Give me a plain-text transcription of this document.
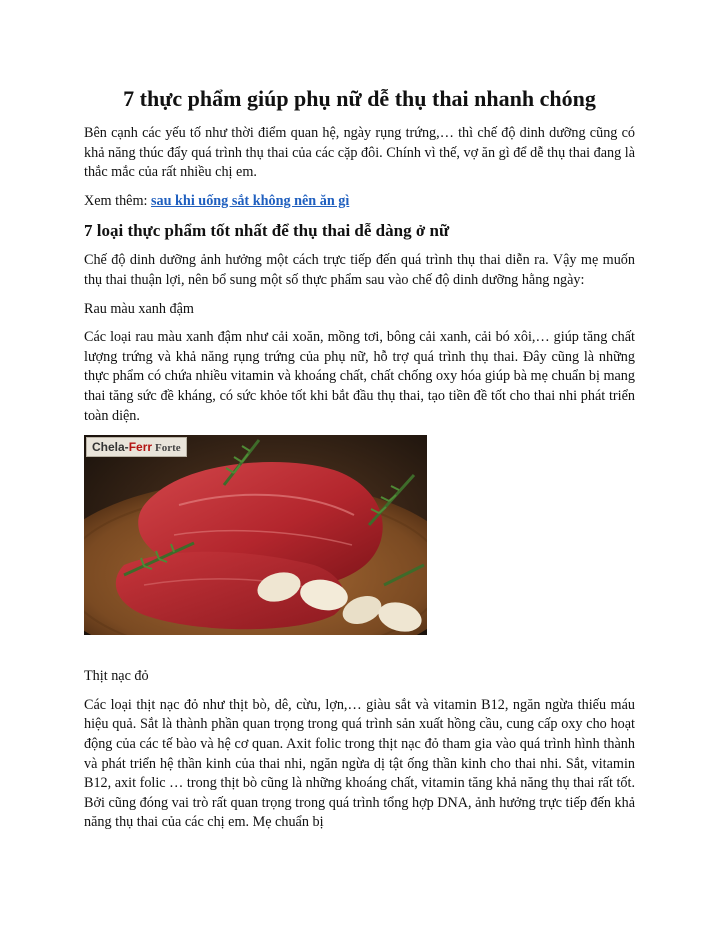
7 thực phẩm giúp phụ nữ dễ thụ thai nhanh chóng

Bên cạnh các yếu tố như thời điểm quan hệ, ngày rụng trứng,… thì chế độ dinh dưỡng cũng có khả năng thúc đẩy quá trình thụ thai của các cặp đôi. Chính vì thế, vợ ăn gì để dễ thụ thai đang là thắc mắc của rất nhiều chị em.

Xem thêm: sau khi uống sắt không nên ăn gì

7 loại thực phẩm tốt nhất để thụ thai dễ dàng ở nữ

Chế độ dinh dưỡng ảnh hưởng một cách trực tiếp đến quá trình thụ thai diễn ra. Vậy mẹ muốn thụ thai thuận lợi, nên bổ sung một số thực phẩm sau vào chế độ dinh dưỡng hằng ngày:

Rau màu xanh đậm

Các loại rau màu xanh đậm như cải xoăn, mồng tơi, bông cải xanh, cải bó xôi,… giúp tăng chất lượng trứng và khả năng rụng trứng của phụ nữ, hỗ trợ quá trình thụ thai. Đây cũng là những thực phẩm có chứa nhiều vitamin và khoáng chất, chất chống oxy hóa giúp bà mẹ chuẩn bị mang thai tăng sức đề kháng, có sức khỏe tốt khi bắt đầu thụ thai, tạo tiền đề tốt cho thai nhi phát triển toàn diện.

Chela-Ferr Forte

Thịt nạc đỏ

Các loại thịt nạc đỏ như thịt bò, dê, cừu, lợn,… giàu sắt và vitamin B12, ngăn ngừa thiếu máu hiệu quả. Sắt là thành phần quan trọng trong quá trình sản xuất hồng cầu, cung cấp oxy cho hoạt động của các tế bào và hệ cơ quan. Axit folic trong thịt nạc đỏ tham gia vào quá trình hình thành và phát triển hệ thần kinh của thai nhi, ngăn ngừa dị tật ống thần kinh cho thai nhi. Sắt, vitamin B12, axit folic … trong thịt bò cũng là những khoáng chất, vitamin tăng khả năng thụ thai rất tốt. Bởi cũng đóng vai trò rất quan trọng trong quá trình tổng hợp DNA, ảnh hưởng trực tiếp đến khả năng thụ thai của các chị em. Mẹ chuẩn bị
